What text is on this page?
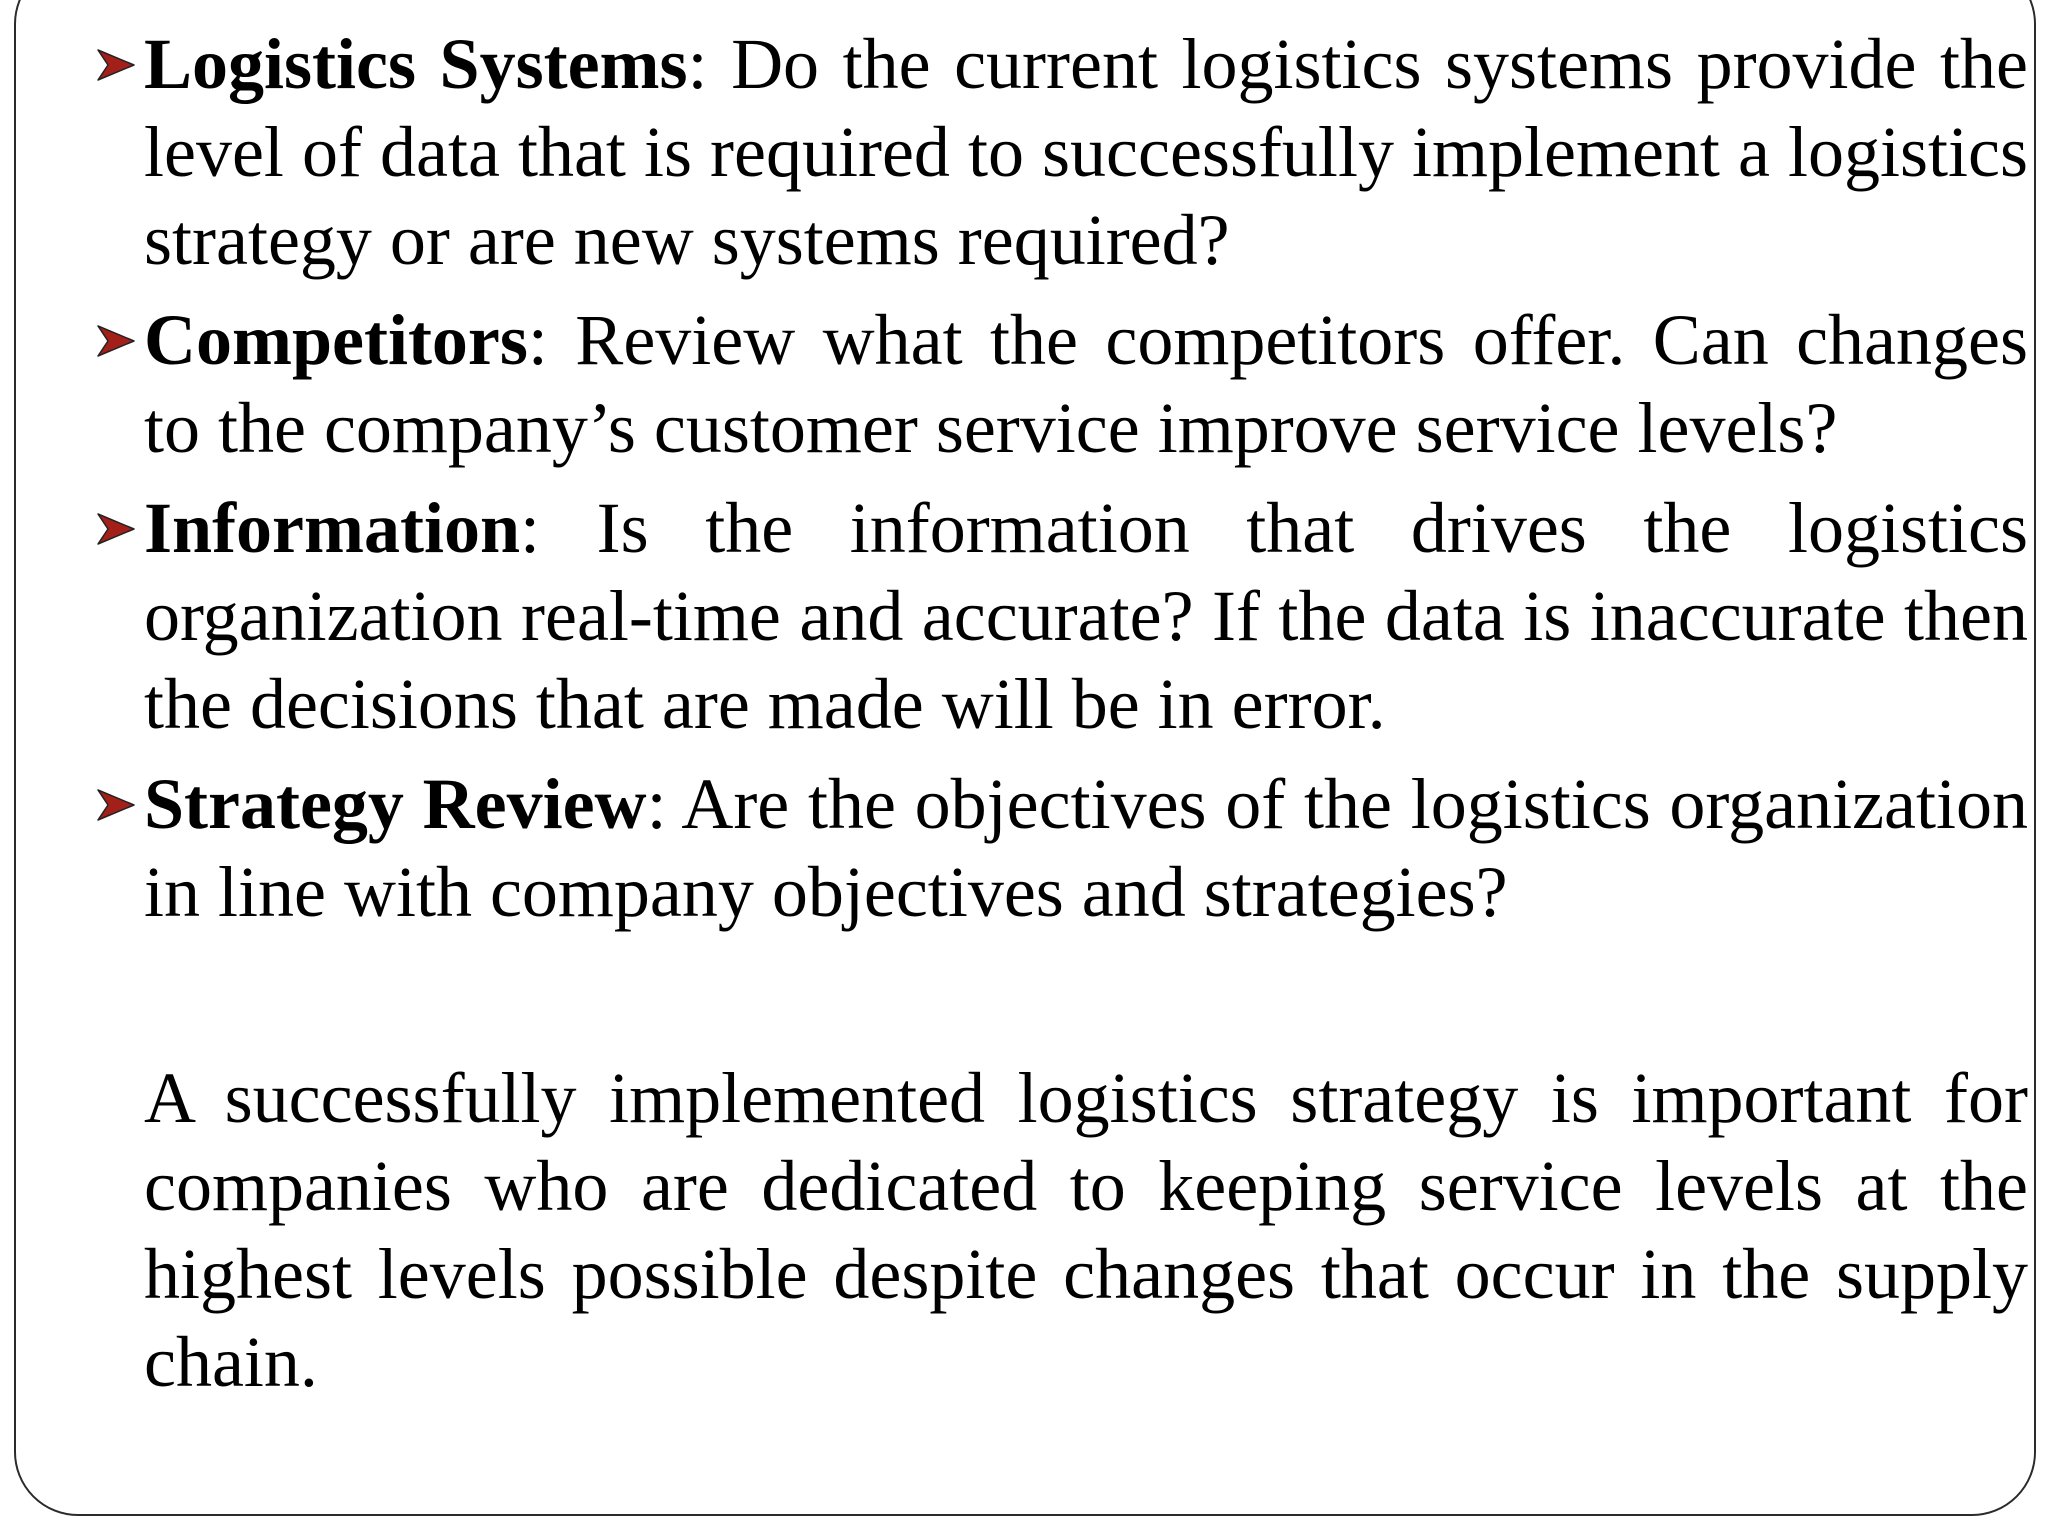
Logistics Systems: Do the current logistics systems provide the level of data that is required to successfully implement a logistics strategy or are new systems required?
Competitors: Review what the competitors offer. Can changes to the company’s customer service improve service levels?
Information: Is the information that drives the logistics organization real-time and accurate? If the data is inaccurate then the decisions that are made will be in error.
Strategy Review: Are the objectives of the logistics organization in line with company objectives and strategies?

A successfully implemented logistics strategy is important for companies who are dedicated to keeping service levels at the highest levels possible despite changes that occur in the supply chain.
